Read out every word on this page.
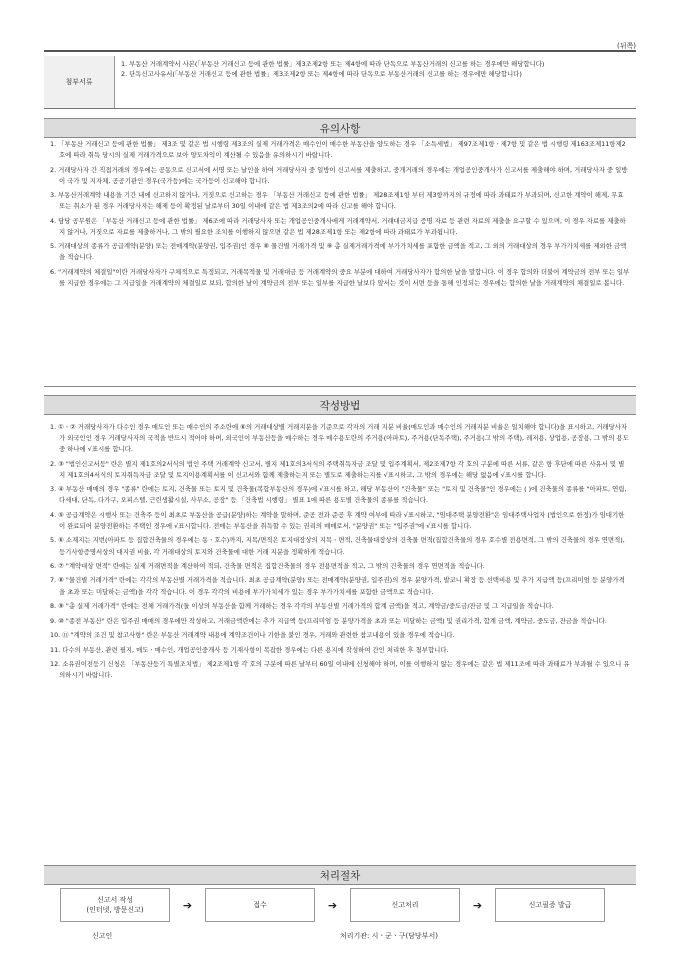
(뒤쪽)
첨부서류
1. 부동산 거래계약서 사본(「부동산 거래신고 등에 관한 법률」제3조제2항 또는 제4항에 따라 단독으로 부동산거래의 신고를 하는 경우에만 해당합니다)
2. 단독신고사유서(「부동산 거래신고 등에 관한 법률」제3조제2항 또는 제4항에 따라 단독으로 부동산거래의 신고를 하는 경우에만 해당합니다)
유의사항
1. 「부동산 거래신고 등에 관한 법률」 제3조 및 같은 법 시행령 제3조의 실제 거래가격은 매수인이 매수한 부동산을 양도하는 경우 「소득세법」 제97조제1항ㆍ제7항 및 같은 법 시행령 제163조제11항제2호에 따라 취득 당시의 실제 거래가격으로 보아 양도차익이 계산될 수 있음을 유의하시기 바랍니다.
2. 거래당사자 간 직접거래의 경우에는 공동으로 신고서에 서명 또는 날인을 하여 거래당사자 중 일방이 신고서를 제출하고, 중개거래의 경우에는 개업공인중개사가 신고서를 제출해야 하며, 거래당사자 중 일방이 국가 및 지자체, 공공기관인 경우(국가등)에는 국가등이 신고해야 합니다.
3. 부동산거래계약 내용을 기간 내에 신고하지 않거나, 거짓으로 신고하는 경우 「부동산 거래신고 등에 관한 법률」 제28조제1항 부터 제3항까지의 규정에 따라 과태료가 부과되며, 신고한 계약이 해제, 무효 또는 취소가 된 경우 거래당사자는 해제 등이 확정된 날로부터 30일 이내에 같은 법 제3조의2에 따라 신고를 해야 합니다.
4. 담당 공무원은 「부동산 거래신고 등에 관한 법률」 제6조에 따라 거래당사자 또는 개업공인중개사에게 거래계약서, 거래대금지급 증명 자료 등 관련 자료의 제출을 요구할 수 있으며, 이 경우 자료를 제출하지 않거나, 거짓으로 자료를 제출하거나, 그 밖의 필요한 조치를 이행하지 않으면 같은 법 제28조제1항 또는 제2항에 따라 과태료가 부과됩니다.
5. 거래대상의 종류가 공급계약(분양) 또는 전매계약(분양권, 입주권)인 경우 ⑧ 물건별 거래가격 및 ⑨ 총 실제거래가격에 부가가치세를 포함한 금액을 적고, 그 외의 거래대상의 경우 부가가치세를 제외한 금액을 적습니다.
6. "거래계약의 체결일"이란 거래당사자가 구체적으로 특정되고, 거래목적물 및 거래대금 등 거래계약의 중요 부분에 대하여 거래당사자가 합의한 날을 말합니다. 이 경우 합의와 더불어 계약금의 전부 또는 일부를 지급한 경우에는 그 지급일을 거래계약의 체결일로 보되, 합의한 날이 계약금의 전부 또는 일부를 지급한 날보다 앞서는 것이 서면 등을 통해 인정되는 경우에는 합의한 날을 거래계약의 체결일로 봅니다.
작성방법
1. ①ㆍ② 거래당사자가 다수인 경우 매도인 또는 매수인의 주소란에 ⑥의 거래대상별 거래지분을 기준으로 각자의 거래 지분 비율(매도인과 매수인의 거래지분 비율은 일치해야 합니다)을 표시하고, 거래당사자가 외국인인 경우 거래당사자의 국적을 반드시 적어야 하며, 외국인이 부동산등을 매수하는 경우 매수용도란의 주거용(아파트), 주거용(단독주택), 주거용(그 밖의 주택), 레저용, 상업용, 공장용, 그 밖의 용도 중 하나에 √표시를 합니다.
2. ③ "법인신고서등" 란은 별지 제1호의2서식의 법인 주택 거래계약 신고서, 별지 제1호의3서식의 주택취득자금 조달 및 입주계획서, 제2조제7항 각 호의 구분에 따른 서류, 같은 항 후단에 따른 사유서 및 별지 제1호의4서식의 토지취득자금 조달 및 토지이용계획서를 이 신고서와 함께 제출하는지 또는 별도로 제출하는지를 √표시하고, 그 밖의 경우에는 해당 없음에 √표시를 합니다.
3. ④ 부동산 매매의 경우 "종류" 란에는 토지, 건축물 또는 토지 및 건축물(복합부동산의 경우)에 √표시를 하고, 해당 부동산이 "건축물" 또는 "토지 및 건축물"인 경우에는 ( )에 건축물의 종류를 "아파트, 연립, 다세대, 단독, 다가구, 오피스텔, 근린생활시설, 사무소, 공장" 등 「건축법 시행령」 별표 1에 따른 용도별 건축물의 종류를 적습니다.
4. ⑤ 공급계약은 시행사 또는 건축주 등이 최초로 부동산을 공급(분양)하는 계약을 말하며, 준공 전과 준공 후 계약 여부에 따라 √표시하고, "임대주택 분양전환"은 임대주택사업자 (법인으로 한정)가 임대기한이 완료되어 분양전환하는 주택인 경우에 √표시합니다. 전매는 부동산을 취득할 수 있는 권리의 매매로서, "분양권" 또는 "입주권"에 √표시를 합니다.
5. ⑥ 소재지는 지번(아파트 등 집합건축물의 경우에는 동ㆍ호수)까지, 지목/면적은 토지대장상의 지목ㆍ면적, 건축물대장상의 건축물 면적(집합건축물의 경우 호수별 전용면적, 그 밖의 건축물의 경우 연면적), 등기사항증명서상의 대지권 비율, 각 거래대상의 토지와 건축물에 대한 거래 지분을 정확하게 적습니다.
6. ⑦ "계약대상 면적" 란에는 실제 거래면적을 계산하여 적되, 건축물 면적은 집합건축물의 경우 전용면적을 적고, 그 밖의 건축물의 경우 연면적을 적습니다.
7. ⑧ "물건별 거래가격" 란에는 각각의 부동산별 거래가격을 적습니다. 최초 공급계약(분양) 또는 전매계약(분양권, 입주권)의 경우 분양가격, 발코니 확장 등 선택비용 및 추가 지급액 등(프리미엄 등 분양가격을 초과 또는 미달하는 금액)을 각각 적습니다. 이 경우 각각의 비용에 부가가치세가 있는 경우 부가가치세를 포함한 금액으로 적습니다.
8. ⑨ "총 실제 거래가격" 란에는 전체 거래가격(둘 이상의 부동산을 함께 거래하는 경우 각각의 부동산별 거래가격의 합계 금액)을 적고, 계약금/중도금/잔금 및 그 지급일을 적습니다.
9. ⑩ "종전 부동산" 란은 입주권 매매의 경우에만 작성하고, 거래금액란에는 추가 지급액 등(프리미엄 등 분양가격을 초과 또는 미달하는 금액) 및 권리가격, 합계 금액, 계약금, 중도금, 잔금을 적습니다.
10. ⑪ "계약의 조건 및 참고사항" 란은 부동산 거래계약 내용에 계약조건이나 기한을 붙인 경우, 거래와 관련한 참고내용이 있을 경우에 적습니다.
11. 다수의 부동산, 관련 필지, 매도ㆍ매수인, 개업공인중개사 등 기재사항이 복잡한 경우에는 다른 용지에 작성하여 간인 처리한 후 첨부합니다.
12. 소유권이전등기 신청은 「부동산등기 특별조치법」 제2조제1항 각 호의 구분에 따른 날부터 60일 이내에 신청해야 하며, 이를 이행하지 않는 경우에는 같은 법 제11조에 따라 과태료가 부과될 수 있으니 유의하시기 바랍니다.
처리절차
신고서 작성
(인터넷, 방문신고)	➔	접수	➔	신고처리	➔	신고필증 발급
신고인	처리기관: 시ㆍ군ㆍ구(담당부서)
